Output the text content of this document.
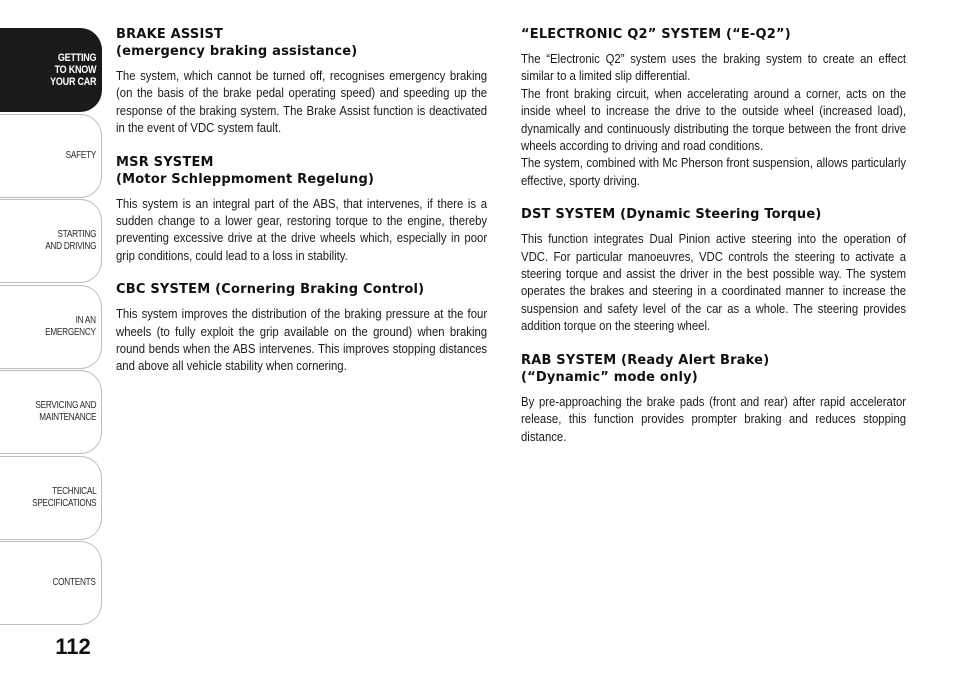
GETTING
TO KNOW
YOUR CAR
SAFETY
STARTING
AND DRIVING
IN AN
EMERGENCY
SERVICING AND
MAINTENANCE
TECHNICAL
SPECIFICATIONS
CONTENTS
112
BRAKE ASSIST
(emergency braking assistance)

The system, which cannot be turned off, recognises emergency braking (on the basis of the brake pedal operating speed) and speeding up the response of the braking system. The Brake Assist function is deactivated in the event of VDC system fault.

MSR SYSTEM
(Motor Schleppmoment Regelung)

This system is an integral part of the ABS, that intervenes, if there is a sudden change to a lower gear, restoring torque to the engine, thereby preventing excessive drive at the drive wheels which, especially in poor grip conditions, could lead to a loss in stability.

CBC SYSTEM (Cornering Braking Control)

This system improves the distribution of the braking pressure at the four wheels (to fully exploit the grip available on the ground) when braking round bends when the ABS intervenes. This improves stopping distances and above all vehicle stability when cornering.

“ELECTRONIC Q2” SYSTEM (“E-Q2”)

The “Electronic Q2” system uses the braking system to create an effect similar to a limited slip differential.

The front braking circuit, when accelerating around a corner, acts on the inside wheel to increase the drive to the outside wheel (increased load), dynamically and continuously distributing the torque between the front drive wheels according to driving and road conditions.

The system, combined with Mc Pherson front suspension, allows particularly effective, sporty driving.

DST SYSTEM (Dynamic Steering Torque)

This function integrates Dual Pinion active steering into the operation of VDC. For particular manoeuvres, VDC controls the steering to activate a steering torque and assist the driver in the best possible way. The system operates the brakes and steering in a coordinated manner to increase the suspension and safety level of the car as a whole. The steering provides addition torque on the steering wheel.

RAB SYSTEM (Ready Alert Brake)
(“Dynamic” mode only)

By pre-approaching the brake pads (front and rear) after rapid accelerator release, this function provides prompter braking and reduces stopping distance.
